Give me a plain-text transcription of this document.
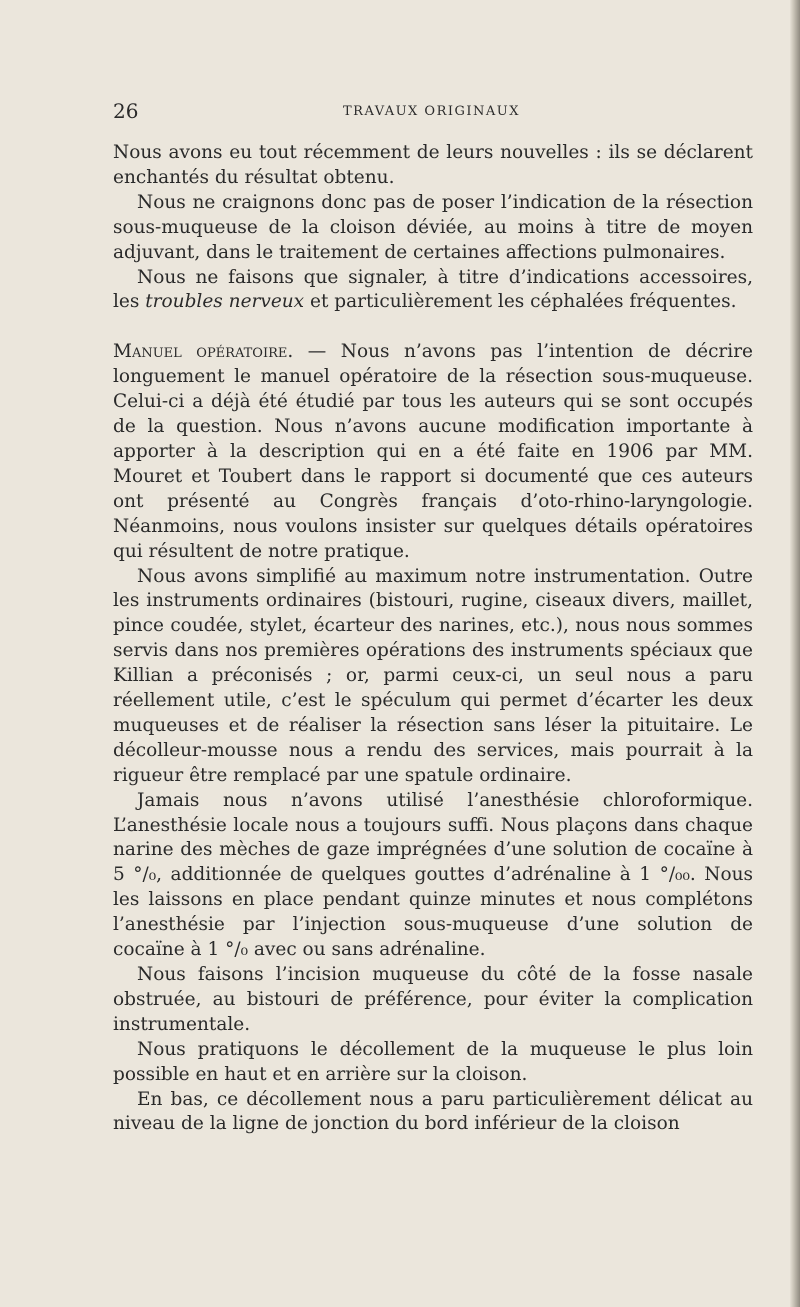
26	TRAVAUX ORIGINAUX

Nous avons eu tout récemment de leurs nouvelles : ils se déclarent enchantés du résultat obtenu.

Nous ne craignons donc pas de poser l’indication de la résection sous-muqueuse de la cloison déviée, au moins à titre de moyen adjuvant, dans le traitement de certaines affections pulmonaires.

Nous ne faisons que signaler, à titre d’indications accessoires, les troubles nerveux et particulièrement les céphalées fréquentes.

Manuel opératoire. — Nous n’avons pas l’intention de décrire longuement le manuel opératoire de la résection sous-muqueuse. Celui-ci a déjà été étudié par tous les auteurs qui se sont occupés de la question. Nous n’avons aucune modification importante à apporter à la description qui en a été faite en 1906 par MM. Mouret et Toubert dans le rapport si documenté que ces auteurs ont présenté au Congrès français d’oto-rhino-laryngologie. Néanmoins, nous voulons insister sur quelques détails opératoires qui résultent de notre pratique.

Nous avons simplifié au maximum notre instrumentation. Outre les instruments ordinaires (bistouri, rugine, ciseaux divers, maillet, pince coudée, stylet, écarteur des narines, etc.), nous nous sommes servis dans nos premières opérations des instruments spéciaux que Killian a préconisés ; or, parmi ceux-ci, un seul nous a paru réellement utile, c’est le spéculum qui permet d’écarter les deux muqueuses et de réaliser la résection sans léser la pituitaire. Le décolleur-mousse nous a rendu des services, mais pourrait à la rigueur être remplacé par une spatule ordinaire.

Jamais nous n’avons utilisé l’anesthésie chloroformique. L’anesthésie locale nous a toujours suffi. Nous plaçons dans chaque narine des mèches de gaze imprégnées d’une solution de cocaïne à 5 °/₀, additionnée de quelques gouttes d’adrénaline à 1 °/₀₀. Nous les laissons en place pendant quinze minutes et nous complétons l’anesthésie par l’injection sous-muqueuse d’une solution de cocaïne à 1 °/₀ avec ou sans adrénaline.

Nous faisons l’incision muqueuse du côté de la fosse nasale obstruée, au bistouri de préférence, pour éviter la complication instrumentale.

Nous pratiquons le décollement de la muqueuse le plus loin possible en haut et en arrière sur la cloison.

En bas, ce décollement nous a paru particulièrement délicat au niveau de la ligne de jonction du bord inférieur de la cloison
